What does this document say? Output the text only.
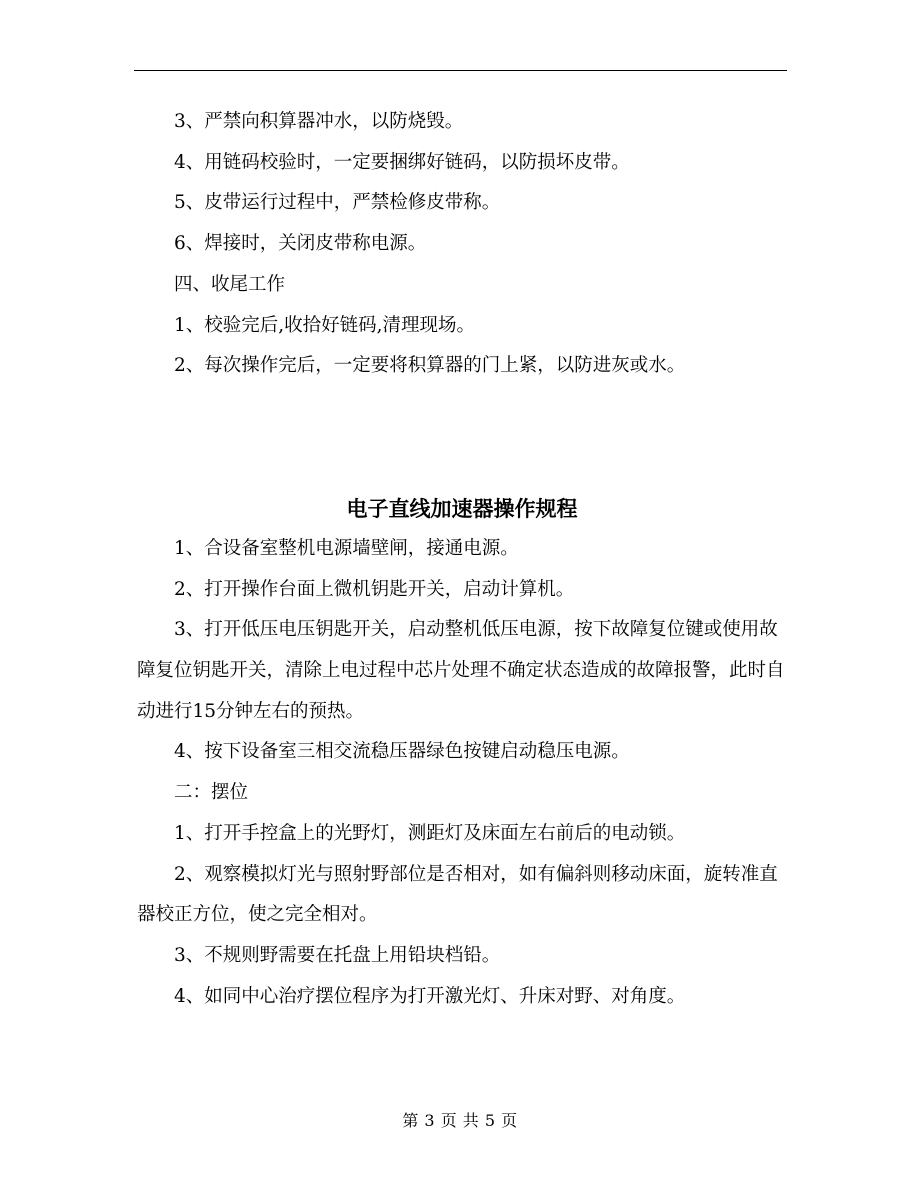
3、严禁向积算器冲水，以防烧毁。

4、用链码校验时，一定要捆绑好链码，以防损坏皮带。

5、皮带运行过程中，严禁检修皮带称。

6、焊接时，关闭皮带称电源。

四、收尾工作

1、校验完后,收拾好链码,清理现场。

2、每次操作完后，一定要将积算器的门上紧，以防进灰或水。

电子直线加速器操作规程

1、合设备室整机电源墙壁闸，接通电源。

2、打开操作台面上微机钥匙开关，启动计算机。

3、打开低压电压钥匙开关，启动整机低压电源，按下故障复位键或使用故障复位钥匙开关，清除上电过程中芯片处理不确定状态造成的故障报警，此时自动进行15分钟左右的预热。

4、按下设备室三相交流稳压器绿色按键启动稳压电源。

二：摆位

1、打开手控盒上的光野灯，测距灯及床面左右前后的电动锁。

2、观察模拟灯光与照射野部位是否相对，如有偏斜则移动床面，旋转准直器校正方位，使之完全相对。

3、不规则野需要在托盘上用铅块档铅。

4、如同中心治疗摆位程序为打开激光灯、升床对野、对角度。

第 3 页 共 5 页
